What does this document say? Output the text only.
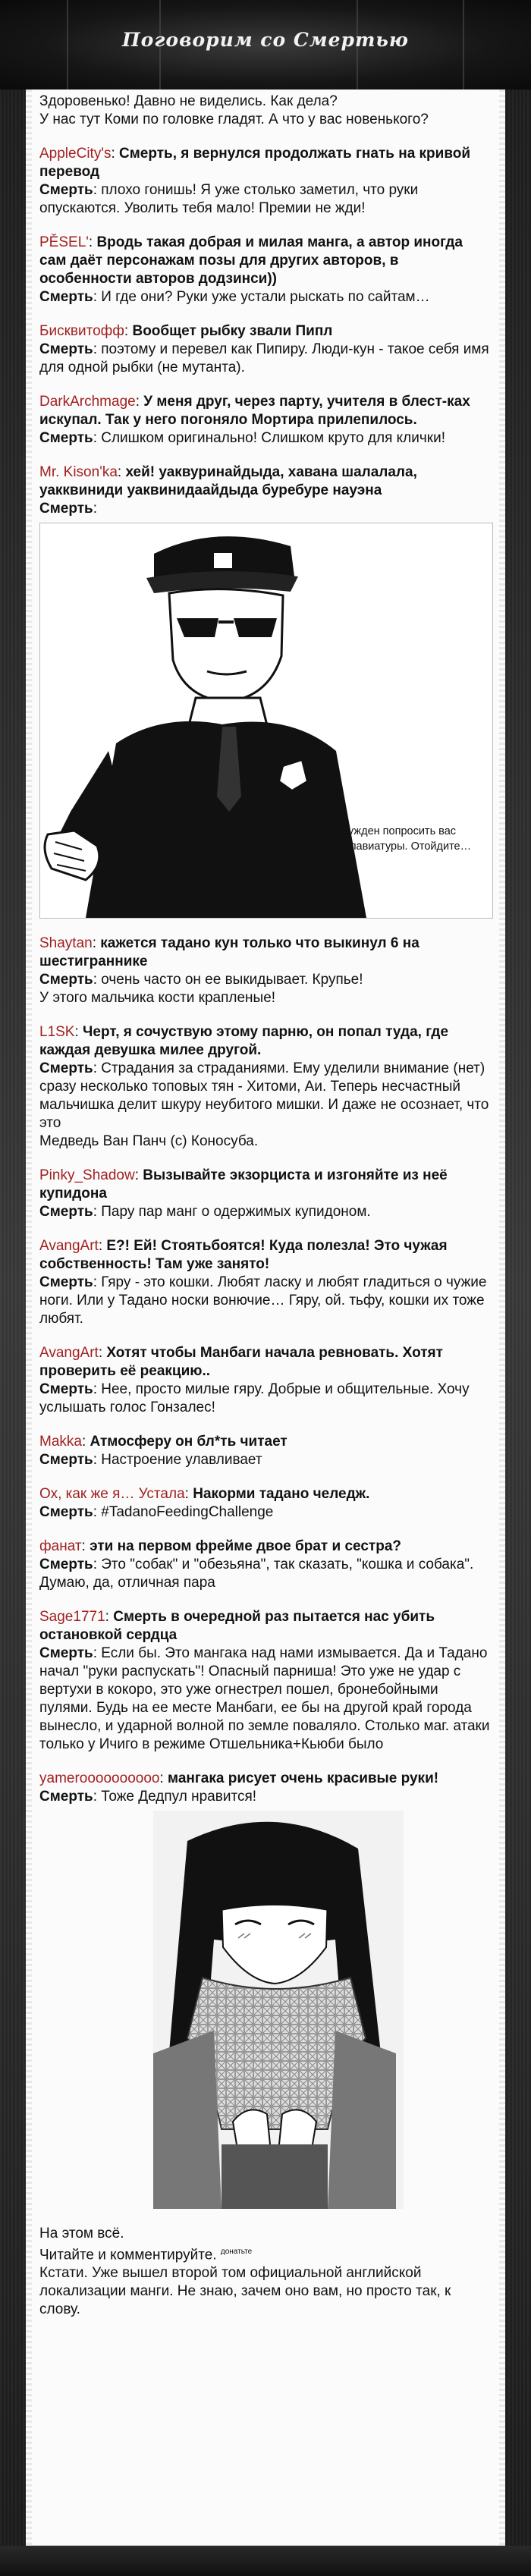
Поговорим со Смертью
Здоровенько! Давно не виделись. Как дела?
У нас тут Коми по головке гладят. А что у вас новенького?
AppleCity's: Смерть, я вернулся продолжать гнать на кривой перевод
Смерть: плохо гонишь! Я уже столько заметил, что руки опускаются. Уволить тебя мало! Премии не жди!
PĚSEL': Вродь такая добрая и милая манга, а автор иногда сам даёт персонажам позы для других авторов, в особенности авторов додзинси))
Смерть: И где они? Руки уже устали рыскать по сайтам…
Бисквитофф: Вообщет рыбку звали Пипл
Смерть: поэтому и перевел как Пипиру. Люди-кун - такое себя имя для одной рыбки (не мутанта).
DarkArchmage: У меня друг, через парту, учителя в блест-ках искупал. Так у него погоняло Мортира прилепилось.
Смерть: Слишком оригинально! Слишком круто для клички!
Mr. Kison'ka: хей! уаквуринайдыда, хавана шалалала, уакквиниди уаквинидаайдыда буребуре науэна
Смерть:
Сэр, я вынужден попросить вас отойти от клавиатуры. Отойдите…
Shaytan: кажется тадано кун только что выкинул 6 на шестиграннике
Смерть: очень часто он ее выкидывает. Крупье!
У этого мальчика кости крапленые!
L1SK: Черт, я сочуствую этому парню, он попал туда, где каждая девушка милее другой.
Смерть: Страдания за страданиями. Ему уделили внимание (нет) сразу несколько топовых тян - Хитоми, Аи. Теперь несчастный мальчишка делит шкуру неубитого мишки. И даже не осознает, что это
Медведь Ван Панч (с) Коносуба.
Pinky_Shadow: Вызывайте экзорциста и изгоняйте из неё купидона
Смерть: Пару пар манг о одержимых купидоном.
AvangArt: Е?! Ей! Стоятьбоятся! Куда полезла! Это чужая собственность! Там уже занято!
Смерть: Гяру - это кошки. Любят ласку и любят гладиться о чужие ноги. Или у Тадано носки вонючие… Гяру, ой. тьфу, кошки их тоже любят.
AvangArt: Хотят чтобы Манбаги начала ревновать. Хотят проверить её реакцию..
Смерть: Нее, просто милые гяру. Добрые и общительные. Хочу услышать голос Гонзалес!
Makka: Атмосферу он бл*ть читает
Смерть: Настроение улавливает
Ох, как же я… Устала: Накорми тадано челедж.
Смерть: #TadanoFeedingChallenge
фанат: эти на первом фрейме двое брат и сестра?
Смерть: Это "собак" и "обезьяна", так сказать, "кошка и собака". Думаю, да, отличная пара
Sage1771: Смерть в очередной раз пытается нас убить остановкой сердца
Смерть: Если бы. Это мангака над нами измывается. Да и Тадано начал "руки распускать"! Опасный парниша! Это уже не удар с вертухи в кокоро, это уже огнестрел пошел, бронебойными пулями. Будь на ее месте Манбаги, ее бы на другой край города вынесло, и ударной волной по земле повалялo. Столько маг. атаки только у Ичиго в режиме Отшельника+Кьюби было
yameroooooooooo: мангака рисует очень красивые руки!
Смерть: Тоже Дедпул нравится!
На этом всё.
Читайте и комментируйте. $^{донатьте}$
Кстати. Уже вышел второй том официальной английской локализации манги. Не знаю, зачем оно вам, но просто так, к слову.
